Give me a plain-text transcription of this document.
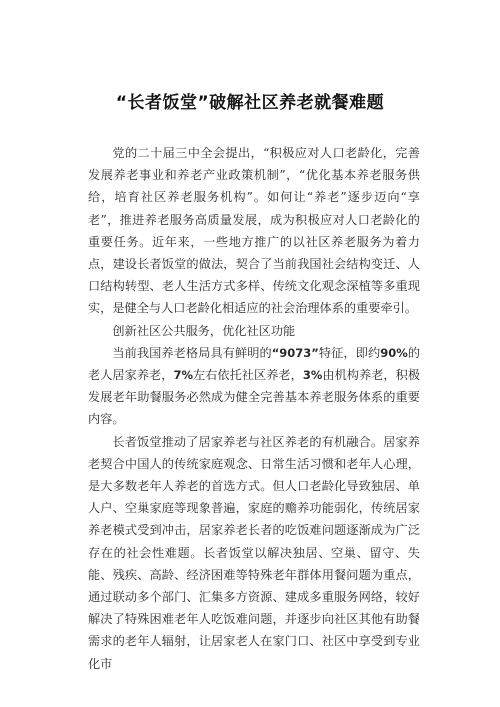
“长者饭堂”破解社区养老就餐难题

党的二十届三中全会提出，“积极应对人口老龄化，完善发展养老事业和养老产业政策机制”，“优化基本养老服务供给，培育社区养老服务机构”。如何让“养老”逐步迈向“享老”，推进养老服务高质量发展，成为积极应对人口老龄化的重要任务。近年来，一些地方推广的以社区养老服务为着力点，建设长者饭堂的做法，契合了当前我国社会结构变迁、人口结构转型、老人生活方式多样、传统文化观念深植等多重现实，是健全与人口老龄化相适应的社会治理体系的重要牵引。

创新社区公共服务，优化社区功能

当前我国养老格局具有鲜明的“9073”特征，即约90%的老人居家养老，7%左右依托社区养老，3%由机构养老，积极发展老年助餐服务必然成为健全完善基本养老服务体系的重要内容。

长者饭堂推动了居家养老与社区养老的有机融合。居家养老契合中国人的传统家庭观念、日常生活习惯和老年人心理，是大多数老年人养老的首选方式。但人口老龄化导致独居、单人户、空巢家庭等现象普遍，家庭的赡养功能弱化，传统居家养老模式受到冲击，居家养老长者的吃饭难问题逐渐成为广泛存在的社会性难题。长者饭堂以解决独居、空巢、留守、失能、残疾、高龄、经济困难等特殊老年群体用餐问题为重点，通过联动多个部门、汇集多方资源、建成多重服务网络，较好解决了特殊困难老年人吃饭难问题，并逐步向社区其他有助餐需求的老年人辐射，让居家老人在家门口、社区中享受到专业化市
